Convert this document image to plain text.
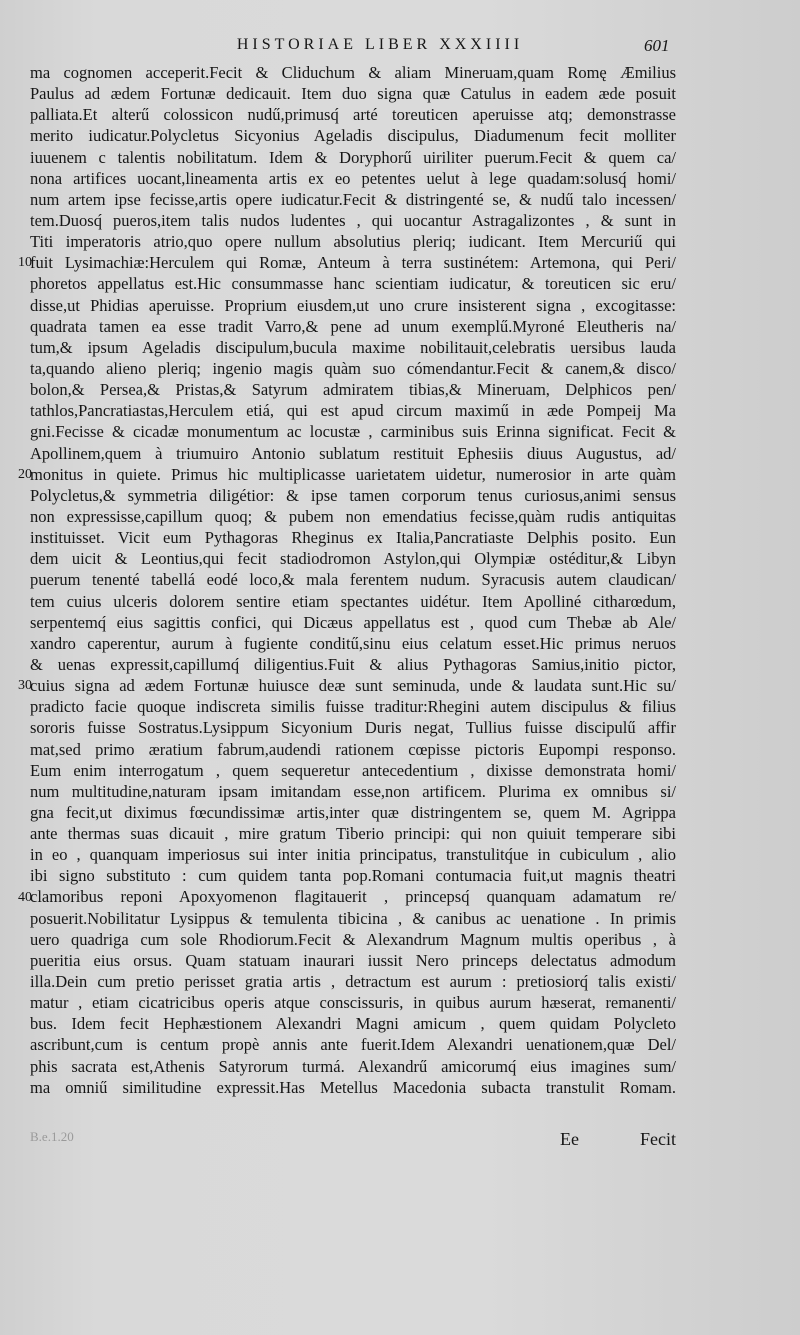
HISTORIAE LIBER XXXIIII	601
ma cognomen acceperit.Fecit & Cliduchum & aliam Mineruam,quam Romę Æmilius
Paulus ad ædem Fortunæ dedicauit. Item duo signa quæ Catulus in eadem æde posuit
palliata.Et alterű colossicon nudű,primusq́ arté toreuticen aperuisse atq; demonstrasse
merito iudicatur.Polycletus Sicyonius Ageladis discipulus, Diadumenum fecit molliter
iuuenem c talentis nobilitatum. Idem & Doryphorű uiriliter puerum.Fecit & quem ca/
nona artifices uocant,lineamenta artis ex eo petentes uelut à lege quadam:solusq́ homi/
num artem ipse fecisse,artis opere iudicatur.Fecit & distringenté se, & nudű talo incessen/
tem.Duosq́ pueros,item talis nudos ludentes , qui uocantur Astragalizontes , & sunt in
Titi imperatoris atrio,quo opere nullum absolutius pleriq; iudicant. Item Mercuriű qui
fuit Lysimachiæ:Herculem qui Romæ, Anteum à terra sustinétem: Artemona, qui Peri/
phoretos appellatus est.Hic consummasse hanc scientiam iudicatur, & toreuticen sic eru/
disse,ut Phidias aperuisse. Proprium eiusdem,ut uno crure insisterent signa , excogitasse:
quadrata tamen ea esse tradit Varro,& pene ad unum exemplű.Myroné Eleutheris na/
tum,& ipsum Ageladis discipulum,bucula maxime nobilitauit,celebratis uersibus lauda
ta,quando alieno pleriq; ingenio magis quàm suo cómendantur.Fecit & canem,& disco/
bolon,& Persea,& Pristas,& Satyrum admiratem tibias,& Mineruam, Delphicos pen/
tathlos,Pancratiastas,Herculem etiá, qui est apud circum maximű in æde Pompeij Ma
gni.Fecisse & cicadæ monumentum ac locustæ , carminibus suis Erinna significat. Fecit &
Apollinem,quem à triumuiro Antonio sublatum restituit Ephesiis diuus Augustus, ad/
monitus in quiete. Primus hic multiplicasse uarietatem uidetur, numerosior in arte quàm
Polycletus,& symmetria diligétior: & ipse tamen corporum tenus curiosus,animi sensus
non expressisse,capillum quoq; & pubem non emendatius fecisse,quàm rudis antiquitas
instituisset. Vicit eum Pythagoras Rheginus ex Italia,Pancratiaste Delphis posito. Eun
dem uicit & Leontius,qui fecit stadiodromon Astylon,qui Olympiæ ostéditur,& Libyn
puerum tenenté tabellá eodé loco,& mala ferentem nudum. Syracusis autem claudican/
tem cuius ulceris dolorem sentire etiam spectantes uidétur. Item Apolliné citharœdum,
serpentemq́ eius sagittis confici, qui Dicæus appellatus est , quod cum Thebæ ab Ale/
xandro caperentur, aurum à fugiente conditű,sinu eius celatum esset.Hic primus neruos
& uenas expressit,capillumq́ diligentius.Fuit & alius Pythagoras Samius,initio pictor,
cuius signa ad ædem Fortunæ huiusce deæ sunt seminuda, unde & laudata sunt.Hic su/
pradicto facie quoque indiscreta similis fuisse traditur:Rhegini autem discipulus & filius
sororis fuisse Sostratus.Lysippum Sicyonium Duris negat, Tullius fuisse discipulű affir
mat,sed primo æratium fabrum,audendi rationem cœpisse pictoris Eupompi responso.
Eum enim interrogatum , quem sequeretur antecedentium , dixisse demonstrata homi/
num multitudine,naturam ipsam imitandam esse,non artificem. Plurima ex omnibus si/
gna fecit,ut diximus fœcundissimæ artis,inter quæ distringentem se, quem M. Agrippa
ante thermas suas dicauit , mire gratum Tiberio principi: qui non quiuit temperare sibi
in eo , quanquam imperiosus sui inter initia principatus, transtulitq́ue in cubiculum , alio
ibi signo substituto : cum quidem tanta pop.Romani contumacia fuit,ut magnis theatri
clamoribus reponi Apoxyomenon flagitauerit , princepsq́ quanquam adamatum re/
posuerit.Nobilitatur Lysippus & temulenta tibicina , & canibus ac uenatione . In primis
uero quadriga cum sole Rhodiorum.Fecit & Alexandrum Magnum multis operibus , à
pueritia eius orsus. Quam statuam inaurari iussit Nero princeps delectatus admodum
illa.Dein cum pretio perisset gratia artis , detractum est aurum : pretiosiorq́ talis existi/
matur , etiam cicatricibus operis atque conscissuris, in quibus aurum hæserat, remanenti/
bus. Idem fecit Hephæstionem Alexandri Magni amicum , quem quidam Polycleto
ascribunt,cum is centum propè annis ante fuerit.Idem Alexandri uenationem,quæ Del/
phis sacrata est,Athenis Satyrorum turmá. Alexandrű amicorumq́ eius imagines sum/
ma omniű similitudine expressit.Has Metellus Macedonia subacta transtulit Romam.
10
20
30
40
B.e.1.20	Ee	Fecit
